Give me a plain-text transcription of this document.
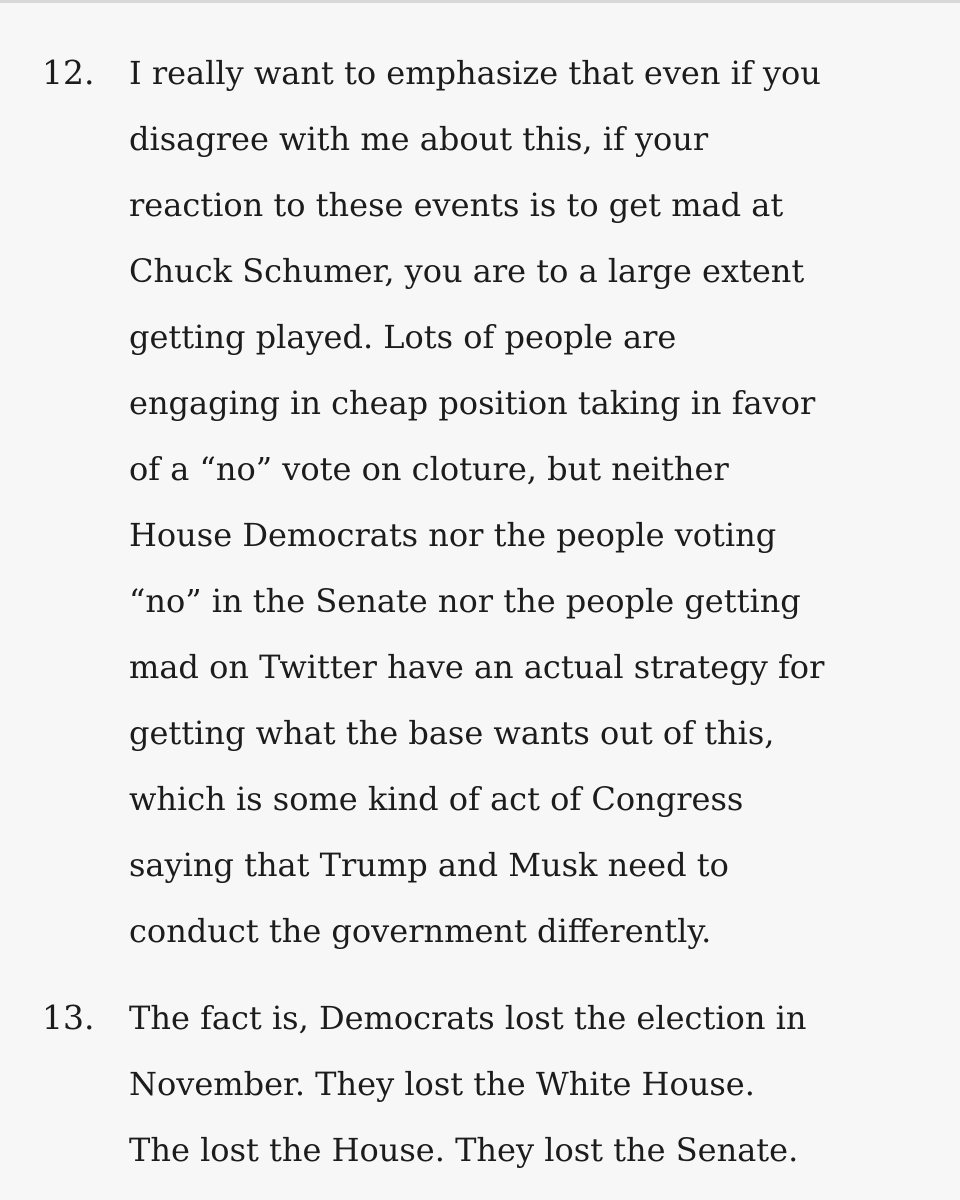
12. I really want to emphasize that even if you
disagree with me about this, if your
reaction to these events is to get mad at
Chuck Schumer, you are to a large extent
getting played. Lots of people are
engaging in cheap position taking in favor
of a “no” vote on cloture, but neither
House Democrats nor the people voting
“no” in the Senate nor the people getting
mad on Twitter have an actual strategy for
getting what the base wants out of this,
which is some kind of act of Congress
saying that Trump and Musk need to
conduct the government differently.
13. The fact is, Democrats lost the election in
November. They lost the White House.
The lost the House. They lost the Senate.
